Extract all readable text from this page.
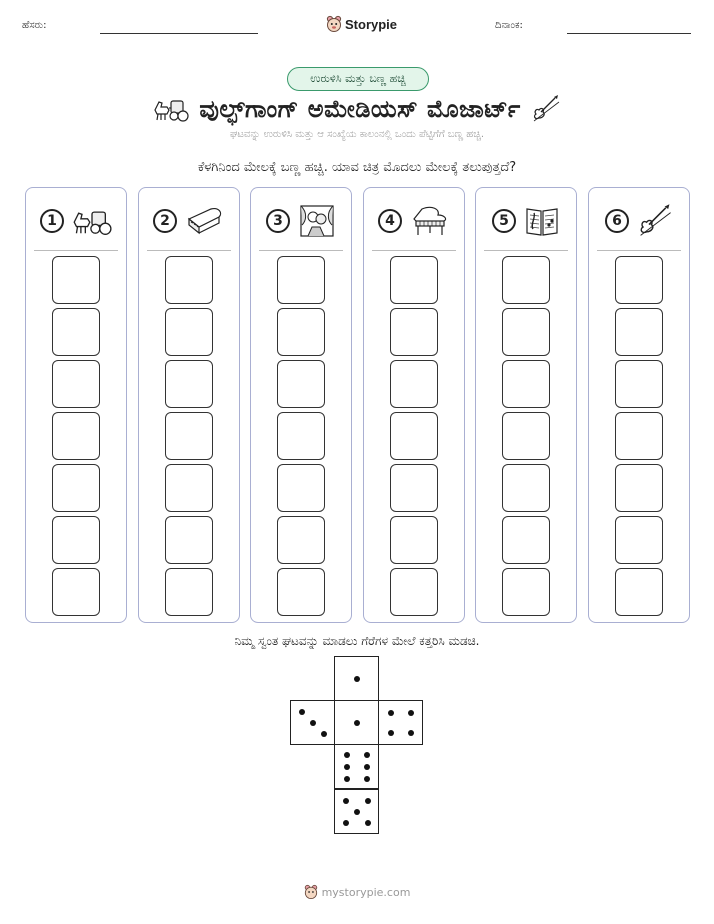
ಹೆಸರು:	Storypie	ದಿನಾಂಕ:
ಉರುಳಿಸಿ ಮತ್ತು ಬಣ್ಣ ಹಚ್ಚಿ
ವುಲ್ಫ್‌ಗಾಂಗ್ ಅಮೇಡಿಯಸ್ ಮೊಜಾರ್ಟ್
ಘಟವನ್ನು ಉರುಳಿಸಿ ಮತ್ತು ಆ ಸಂಖ್ಯೆಯ ಕಾಲಂನಲ್ಲಿ ಒಂದು ಪೆಟ್ಟಿಗೆಗೆ ಬಣ್ಣ ಹಚ್ಚಿ.
ಕೆಳಗಿನಿಂದ ಮೇಲಕ್ಕೆ ಬಣ್ಣ ಹಚ್ಚಿ. ಯಾವ ಚಿತ್ರ ಮೊದಲು ಮೇಲಕ್ಕೆ ತಲುಪುತ್ತದೆ?
1	2	3	4	5	6
ನಿಮ್ಮ ಸ್ವಂತ ಘಟವನ್ನು ಮಾಡಲು ಗೆರೆಗಳ ಮೇಲೆ ಕತ್ತರಿಸಿ ಮಡಚಿ.
mystorypie.com
